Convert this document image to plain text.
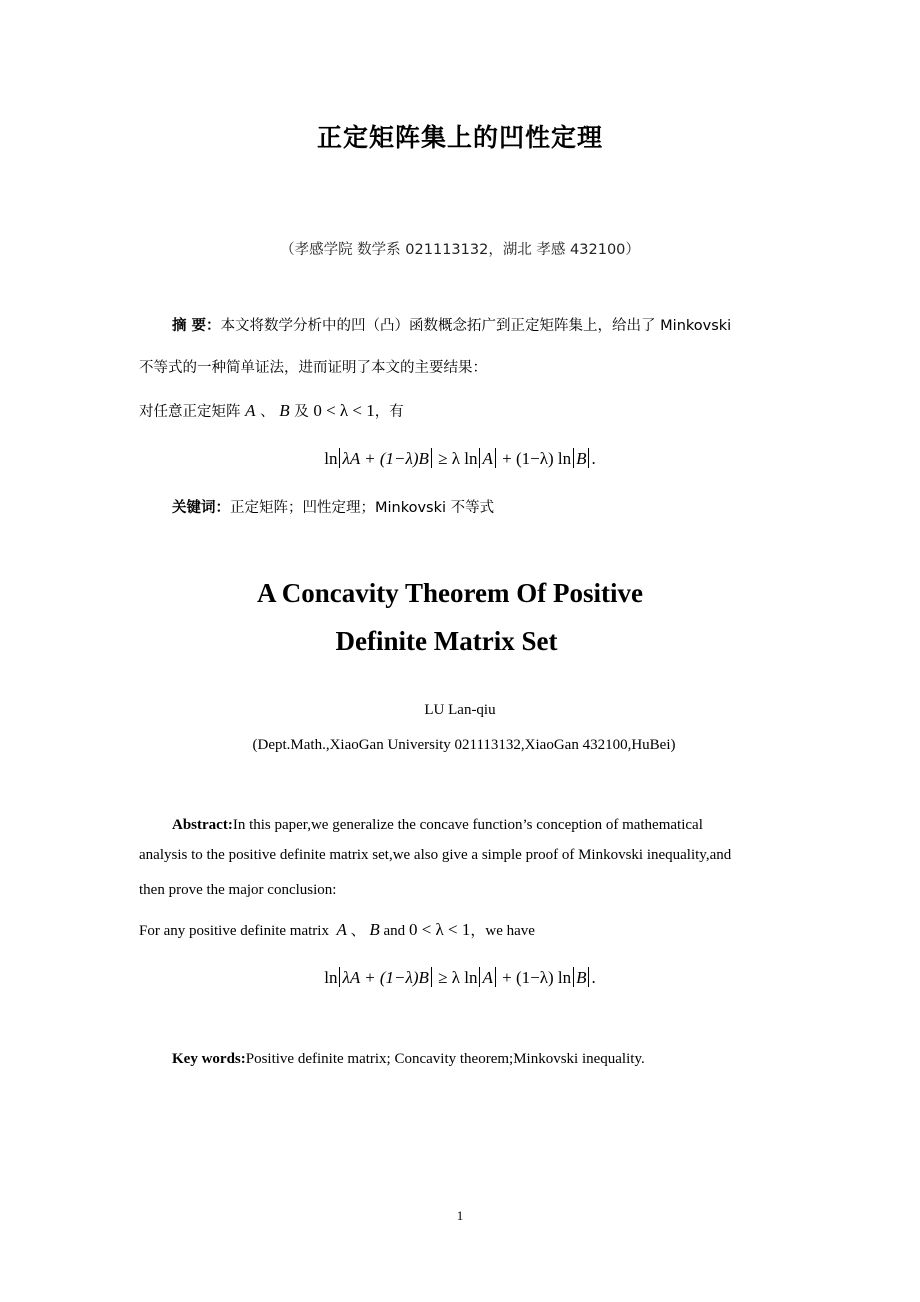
正定矩阵集上的凹性定理
（孝感学院 数学系 021113132，湖北 孝感 432100）
摘 要：本文将数学分析中的凹（凸）函数概念拓广到正定矩阵集上，给出了 Minkovski
不等式的一种简单证法，进而证明了本文的主要结果：
对任意正定矩阵 A 、 B 及 0 < λ < 1，有
ln λA + (1−λ)B ≥ λ ln A + (1−λ) ln B .
关键词：正定矩阵；凹性定理；Minkovski 不等式
A Concavity Theorem Of Positive
Definite Matrix Set
LU Lan-qiu
(Dept.Math.,XiaoGan University 021113132,XiaoGan 432100,HuBei)
Abstract:In this paper,we generalize the concave function’s conception of mathematical
analysis to the positive definite matrix set,we also give a simple proof of Minkovski inequality,and
then prove the major conclusion:
For any positive definite matrix A 、 B and 0 < λ < 1，we have
ln λA + (1−λ)B ≥ λ ln A + (1−λ) ln B .
Key words:Positive definite matrix; Concavity theorem;Minkovski inequality.
1
